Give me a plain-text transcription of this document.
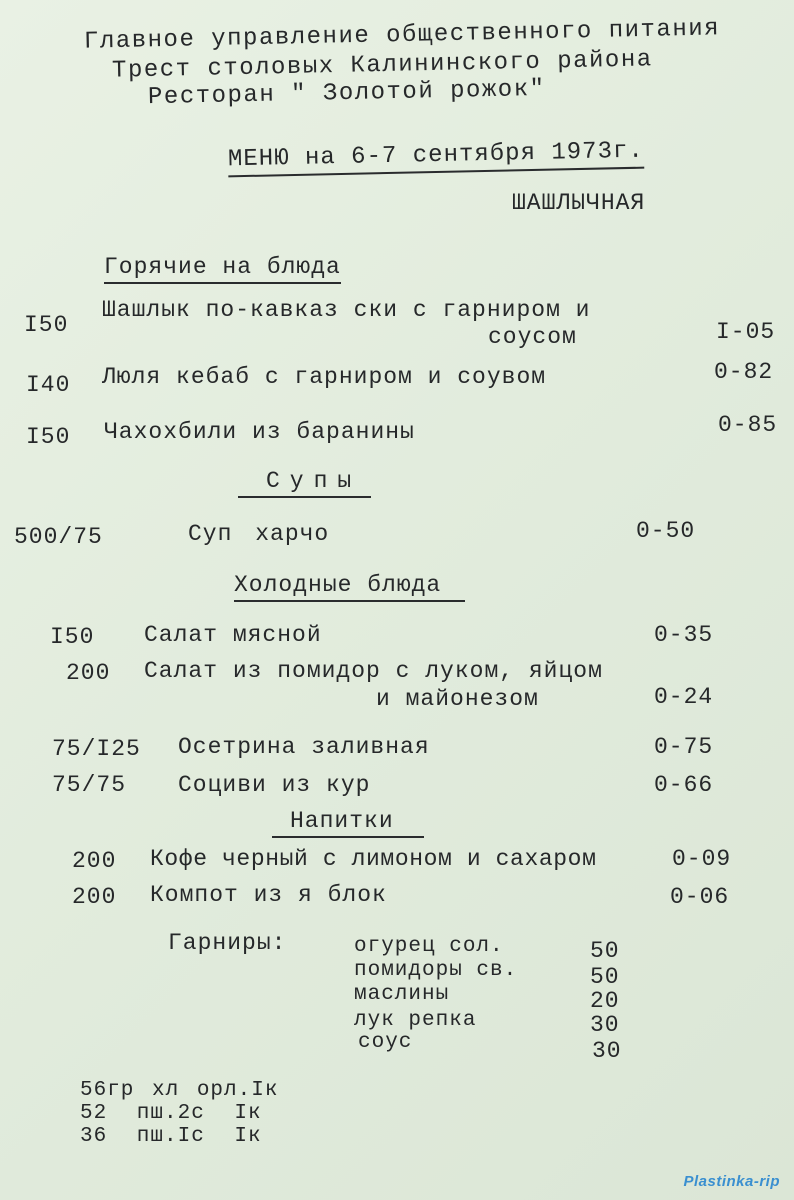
Главное управление общественного питания
Трест столовых Калининского района
Ресторан " Золотой рожок"
МЕНЮ на 6-7 сентября 1973г.
ШАШЛЫЧНАЯ
Горячие на блюда
I50
Шашлык по-кавказ ски с гарниром и
соусом	I-05
I40 Люля кебаб с гарниром и соувом	0-82
I50 Чахохбили из баранины	0-85
Супы
500/75	Суп харчо	0-50
Холодные блюда
I50 Салат мясной	0-35
200 Салат из помидор с луком, яйцом
и майонезом	0-24
75/I25 Осетрина заливная	0-75
75/75 Социви из кур	0-66
Напитки
200 Кофе черный с лимоном и сахаром	0-09
200 Компот из я блок	0-06
Гарниры:	огурец сол.	50
помидоры св.	50
маслины	20
лук репка	30
соус	30
56гр хл орл.Iк
52 пш.2с Iк
36 пш.Iс Iк
Plastinka-rip
